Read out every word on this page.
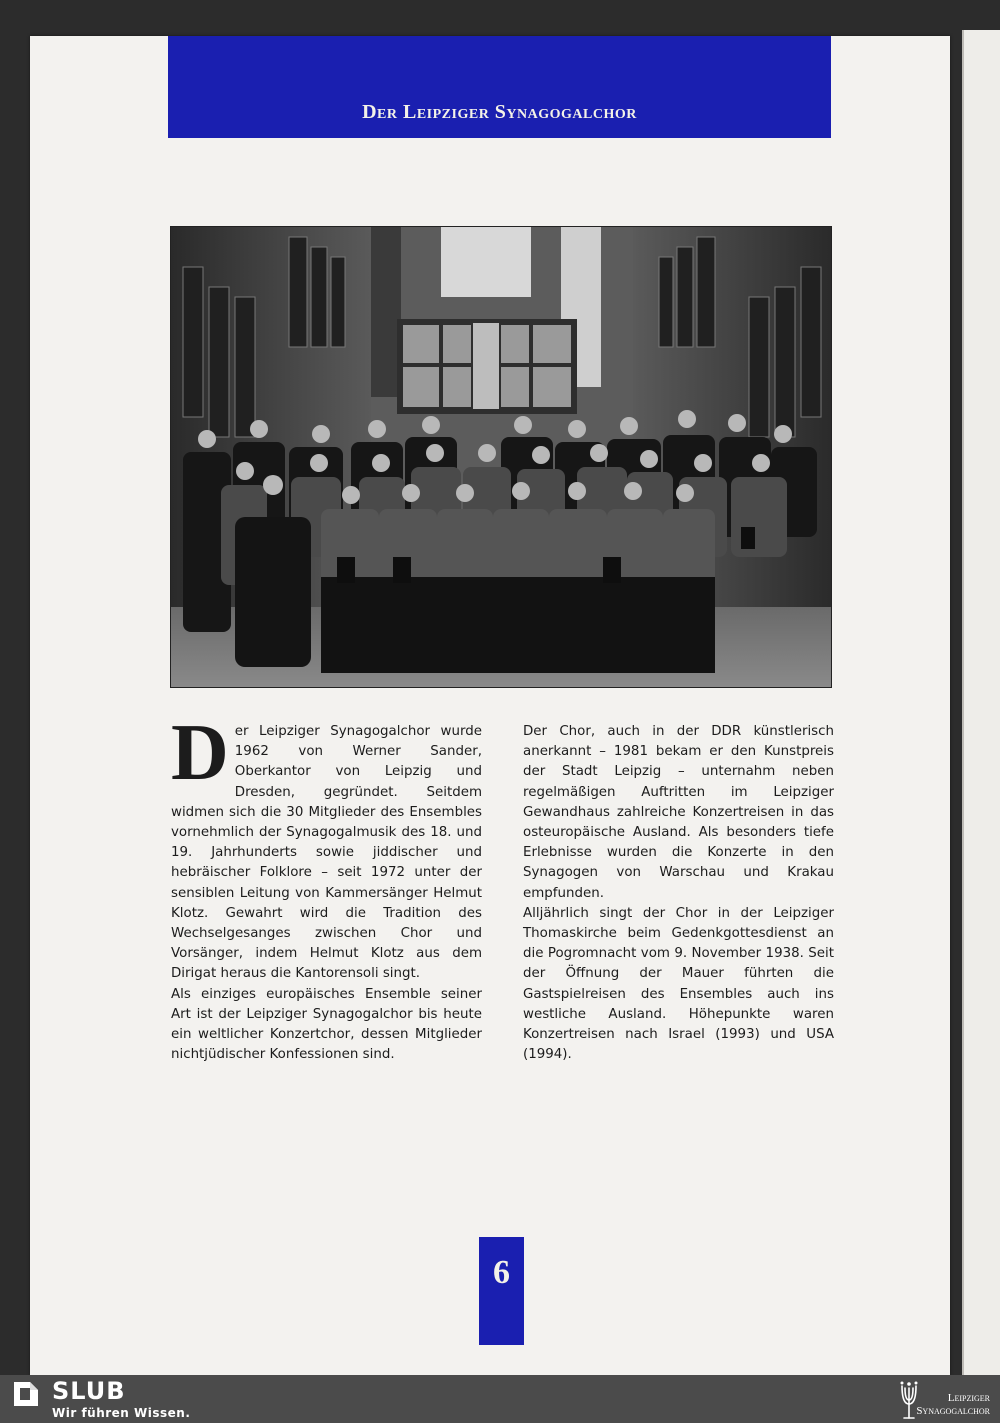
Der Leipziger Synagogalchor

Der Leipziger Synagogalchor wurde 1962 von Werner Sander, Oberkantor von Leipzig und Dresden, gegründet. Seitdem widmen sich die 30 Mitglieder des Ensembles vornehmlich der Synagogalmusik des 18. und 19. Jahrhunderts sowie jiddischer und hebräischer Folklore – seit 1972 unter der sensiblen Leitung von Kammersänger Helmut Klotz. Gewahrt wird die Tradition des Wechselgesanges zwischen Chor und Vorsänger, indem Helmut Klotz aus dem Dirigat heraus die Kantorensoli singt.

Als einziges europäisches Ensemble seiner Art ist der Leipziger Synagogalchor bis heute ein weltlicher Konzertchor, dessen Mitglieder nichtjüdischer Konfessionen sind.

Der Chor, auch in der DDR künstlerisch anerkannt – 1981 bekam er den Kunstpreis der Stadt Leipzig – unternahm neben regelmäßigen Auftritten im Leipziger Gewandhaus zahlreiche Konzertreisen in das osteuropäische Ausland. Als besonders tiefe Erlebnisse wurden die Konzerte in den Synagogen von Warschau und Krakau empfunden.

Alljährlich singt der Chor in der Leipziger Thomaskirche beim Gedenkgottesdienst an die Pogromnacht vom 9. November 1938. Seit der Öffnung der Mauer führten die Gastspielreisen des Ensembles auch ins westliche Ausland. Höhepunkte waren Konzertreisen nach Israel (1993) und USA (1994).

6
SLUB
Wir führen Wissen.
Leipziger
Synagogalchor
